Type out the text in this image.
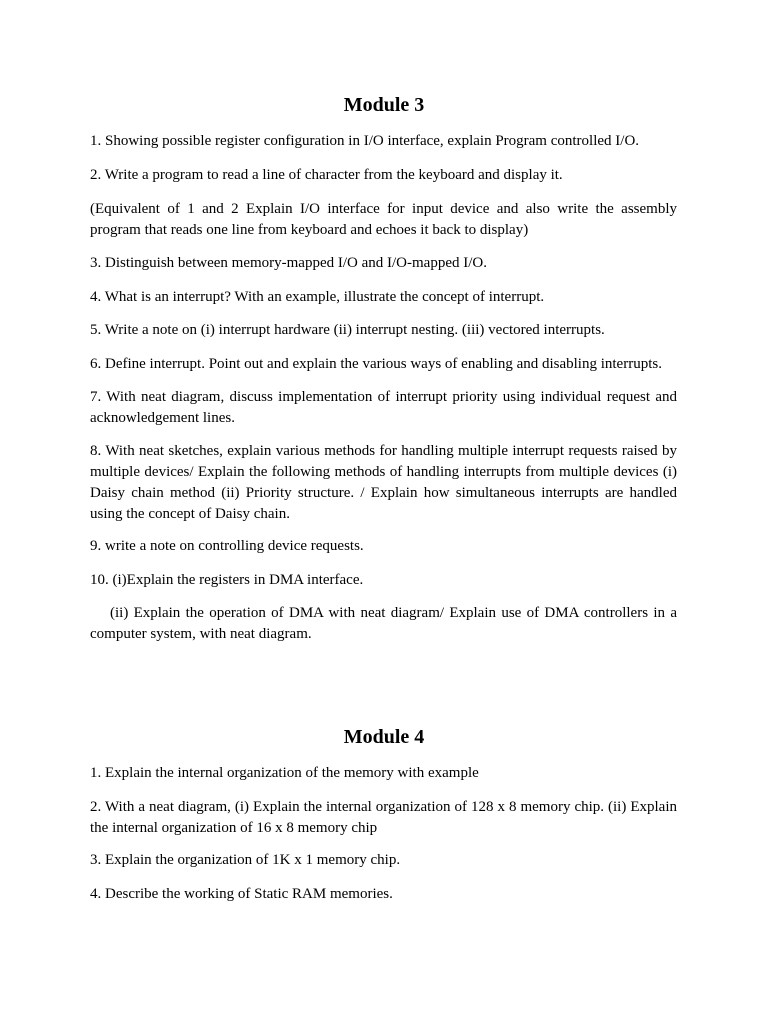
Module 3

1. Showing possible register configuration in I/O interface, explain Program controlled I/O.

2. Write a program to read a line of character from the keyboard and display it.

(Equivalent of 1 and 2 Explain I/O interface for input device and also write the assembly program that reads one line from keyboard and echoes it back to display)

3. Distinguish between memory-mapped I/O and I/O-mapped I/O.

4. What is an interrupt? With an example, illustrate the concept of interrupt.

5. Write a note on (i) interrupt hardware (ii) interrupt nesting. (iii) vectored interrupts.

6. Define interrupt. Point out and explain the various ways of enabling and disabling interrupts.

7. With neat diagram, discuss implementation of interrupt priority using individual request and acknowledgement lines.

8. With neat sketches, explain various methods for handling multiple interrupt requests raised by multiple devices/ Explain the following methods of handling interrupts from multiple devices (i) Daisy chain method (ii) Priority structure. / Explain how simultaneous interrupts are handled using the concept of Daisy chain.

9. write a note on controlling device requests.

10. (i)Explain the registers in DMA interface.

(ii) Explain the operation of DMA with neat diagram/ Explain use of DMA controllers in a computer system, with neat diagram.

Module 4

1. Explain the internal organization of the memory with example

2. With a neat diagram, (i) Explain the internal organization of 128 x 8 memory chip. (ii) Explain the internal organization of 16 x 8 memory chip

3. Explain the organization of 1K x 1 memory chip.

4. Describe the working of Static RAM memories.
